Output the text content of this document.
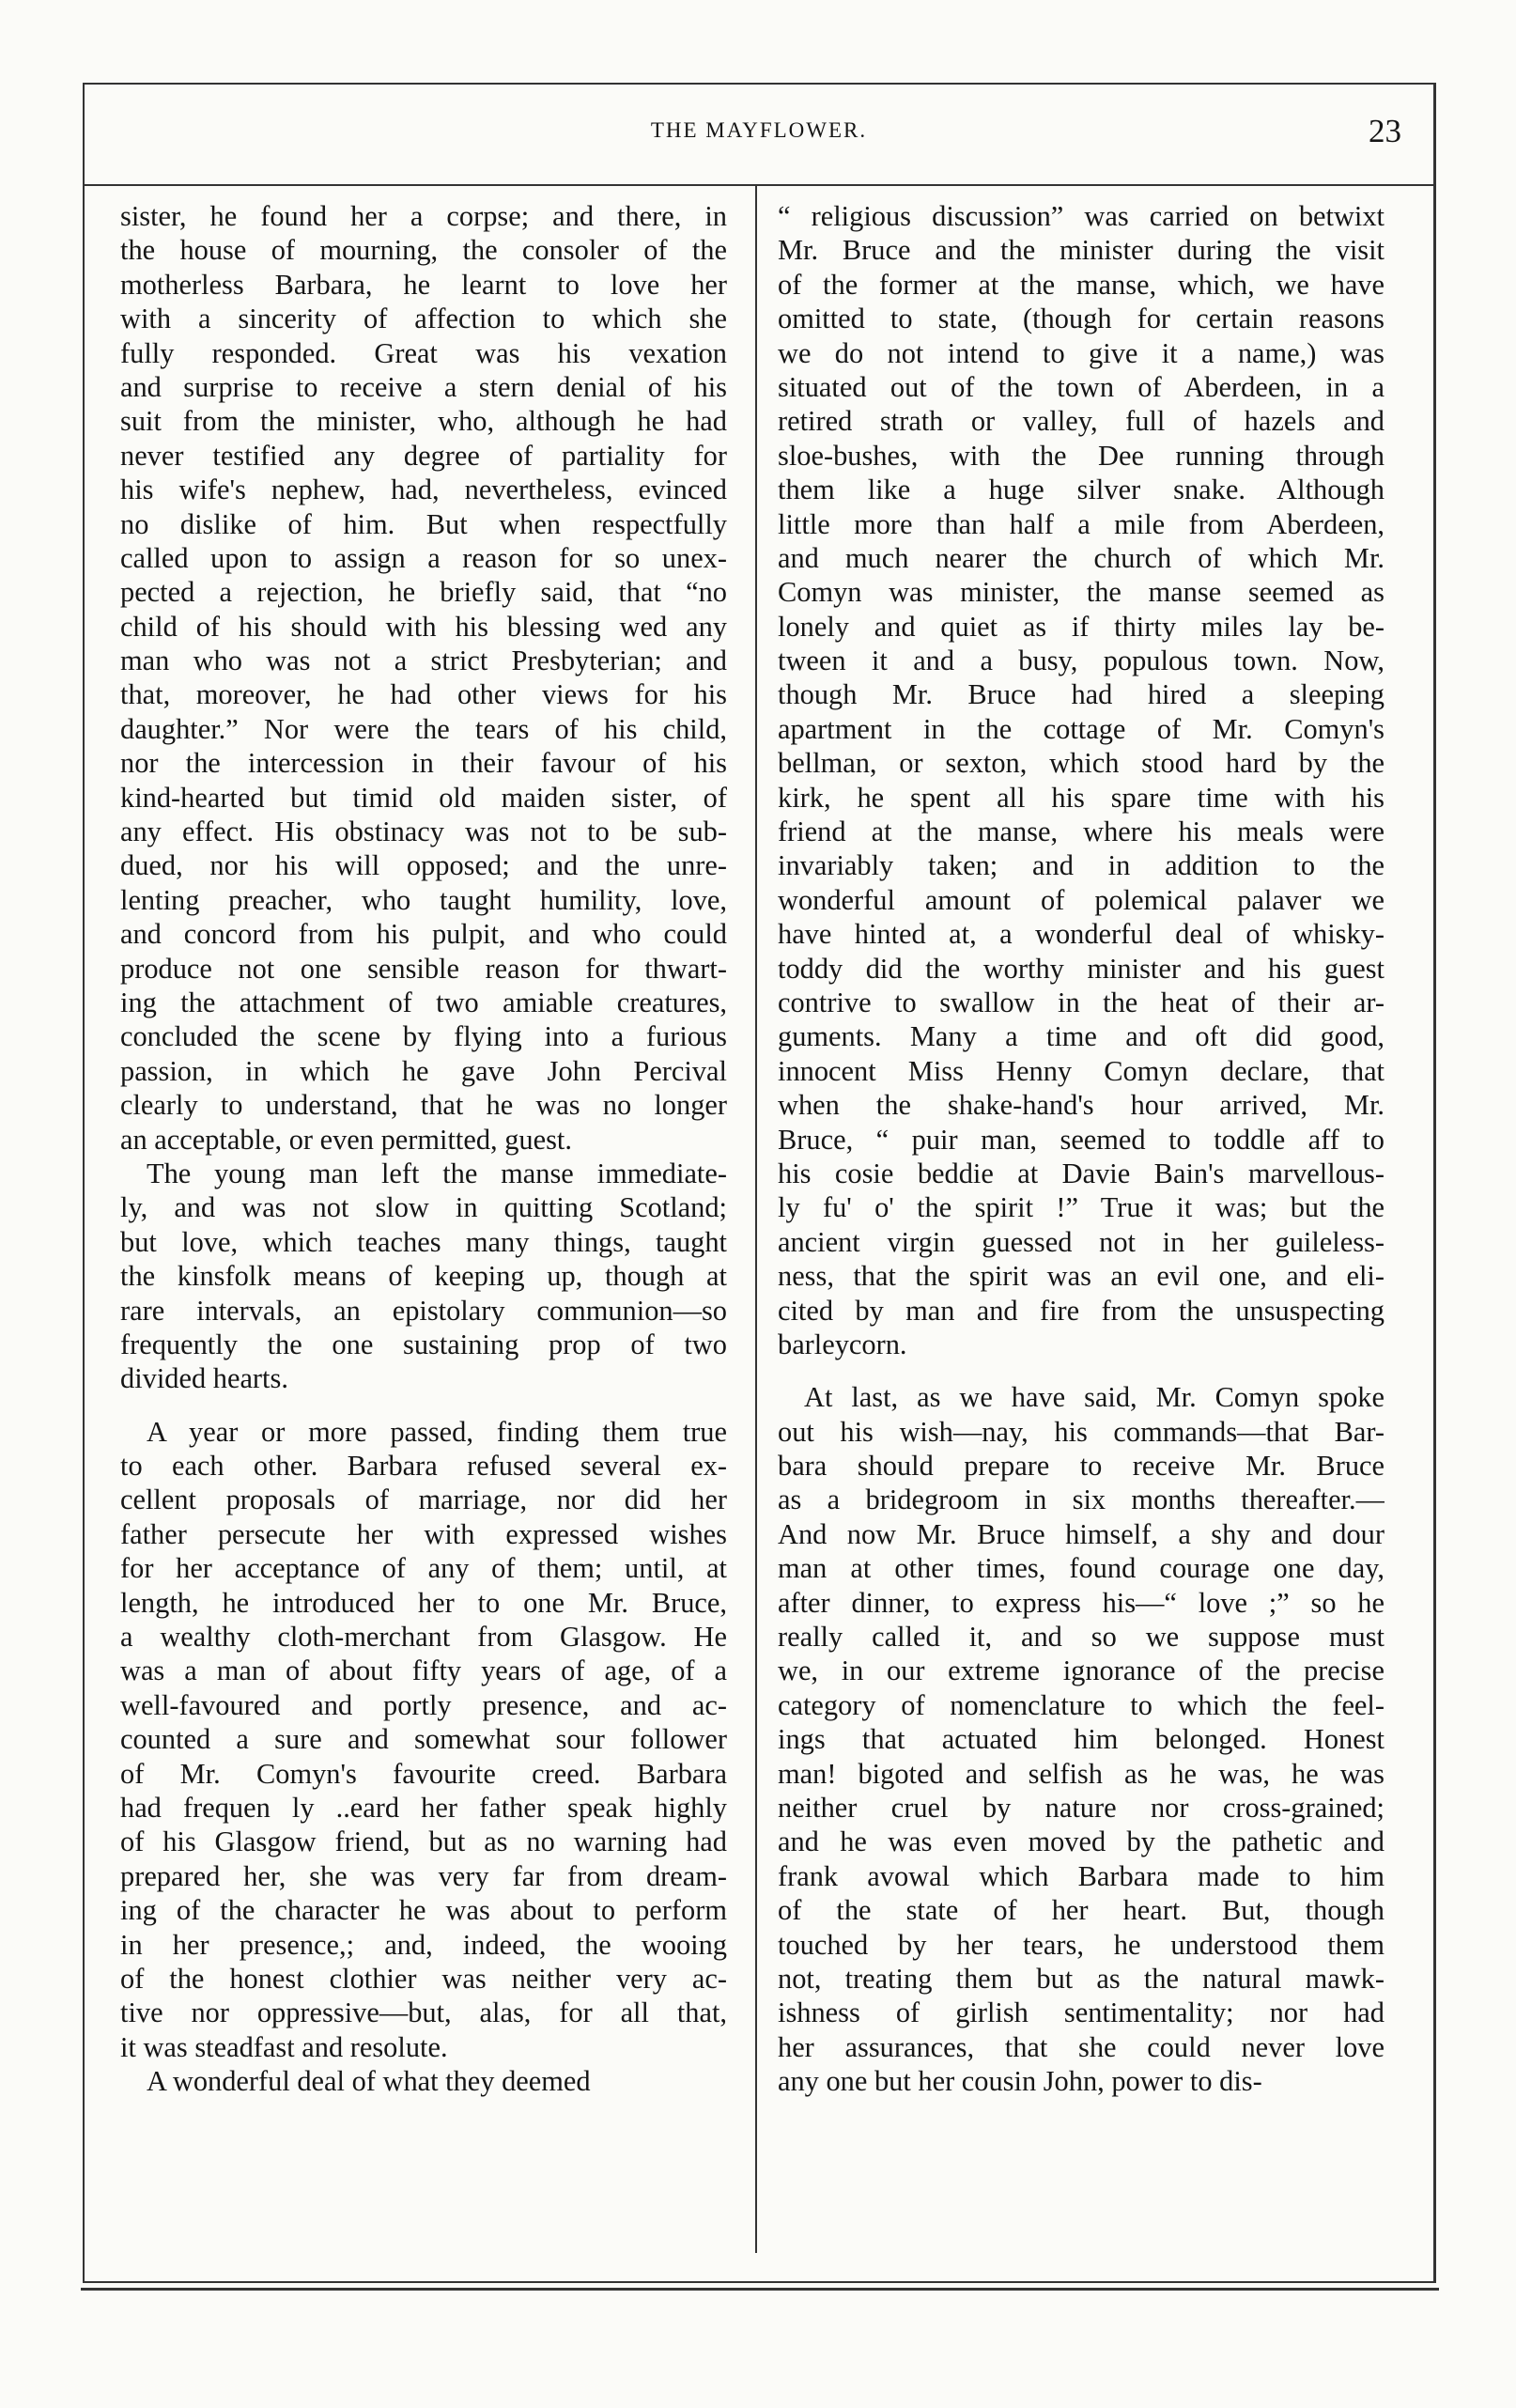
THE MAYFLOWER.	23
sister, he found her a corpse; and there, in
the house of mourning, the consoler of the
motherless Barbara, he learnt to love her
with a sincerity of affection to which she
fully responded. Great was his vexation
and surprise to receive a stern denial of his
suit from the minister, who, although he had
never testified any degree of partiality for
his wife's nephew, had, nevertheless, evinced
no dislike of him. But when respectfully
called upon to assign a reason for so unex-
pected a rejection, he briefly said, that “no
child of his should with his blessing wed any
man who was not a strict Presbyterian; and
that, moreover, he had other views for his
daughter.” Nor were the tears of his child,
nor the intercession in their favour of his
kind-hearted but timid old maiden sister, of
any effect. His obstinacy was not to be sub-
dued, nor his will opposed; and the unre-
lenting preacher, who taught humility, love,
and concord from his pulpit, and who could
produce not one sensible reason for thwart-
ing the attachment of two amiable creatures,
concluded the scene by flying into a furious
passion, in which he gave John Percival
clearly to understand, that he was no longer
an acceptable, or even permitted, guest.
The young man left the manse immediate-
ly, and was not slow in quitting Scotland;
but love, which teaches many things, taught
the kinsfolk means of keeping up, though at
rare intervals, an epistolary communion—so
frequently the one sustaining prop of two
divided hearts.
A year or more passed, finding them true
to each other. Barbara refused several ex-
cellent proposals of marriage, nor did her
father persecute her with expressed wishes
for her acceptance of any of them; until, at
length, he introduced her to one Mr. Bruce,
a wealthy cloth-merchant from Glasgow. He
was a man of about fifty years of age, of a
well-favoured and portly presence, and ac-
counted a sure and somewhat sour follower
of Mr. Comyn's favourite creed. Barbara
had frequen ly ..eard her father speak highly
of his Glasgow friend, but as no warning had
prepared her, she was very far from dream-
ing of the character he was about to perform
in her presence,; and, indeed, the wooing
of the honest clothier was neither very ac-
tive nor oppressive—but, alas, for all that,
it was steadfast and resolute.
A wonderful deal of what they deemed
“ religious discussion” was carried on betwixt
Mr. Bruce and the minister during the visit
of the former at the manse, which, we have
omitted to state, (though for certain reasons
we do not intend to give it a name,) was
situated out of the town of Aberdeen, in a
retired strath or valley, full of hazels and
sloe-bushes, with the Dee running through
them like a huge silver snake. Although
little more than half a mile from Aberdeen,
and much nearer the church of which Mr.
Comyn was minister, the manse seemed as
lonely and quiet as if thirty miles lay be-
tween it and a busy, populous town. Now,
though Mr. Bruce had hired a sleeping
apartment in the cottage of Mr. Comyn's
bellman, or sexton, which stood hard by the
kirk, he spent all his spare time with his
friend at the manse, where his meals were
invariably taken; and in addition to the
wonderful amount of polemical palaver we
have hinted at, a wonderful deal of whisky-
toddy did the worthy minister and his guest
contrive to swallow in the heat of their ar-
guments. Many a time and oft did good,
innocent Miss Henny Comyn declare, that
when the shake-hand's hour arrived, Mr.
Bruce, “ puir man, seemed to toddle aff to
his cosie beddie at Davie Bain's marvellous-
ly fu' o' the spirit !” True it was; but the
ancient virgin guessed not in her guileless-
ness, that the spirit was an evil one, and eli-
cited by man and fire from the unsuspecting
barleycorn.
At last, as we have said, Mr. Comyn spoke
out his wish—nay, his commands—that Bar-
bara should prepare to receive Mr. Bruce
as a bridegroom in six months thereafter.—
And now Mr. Bruce himself, a shy and dour
man at other times, found courage one day,
after dinner, to express his—“ love ;” so he
really called it, and so we suppose must
we, in our extreme ignorance of the precise
category of nomenclature to which the feel-
ings that actuated him belonged. Honest
man! bigoted and selfish as he was, he was
neither cruel by nature nor cross-grained;
and he was even moved by the pathetic and
frank avowal which Barbara made to him
of the state of her heart. But, though
touched by her tears, he understood them
not, treating them but as the natural mawk-
ishness of girlish sentimentality; nor had
her assurances, that she could never love
any one but her cousin John, power to dis-
